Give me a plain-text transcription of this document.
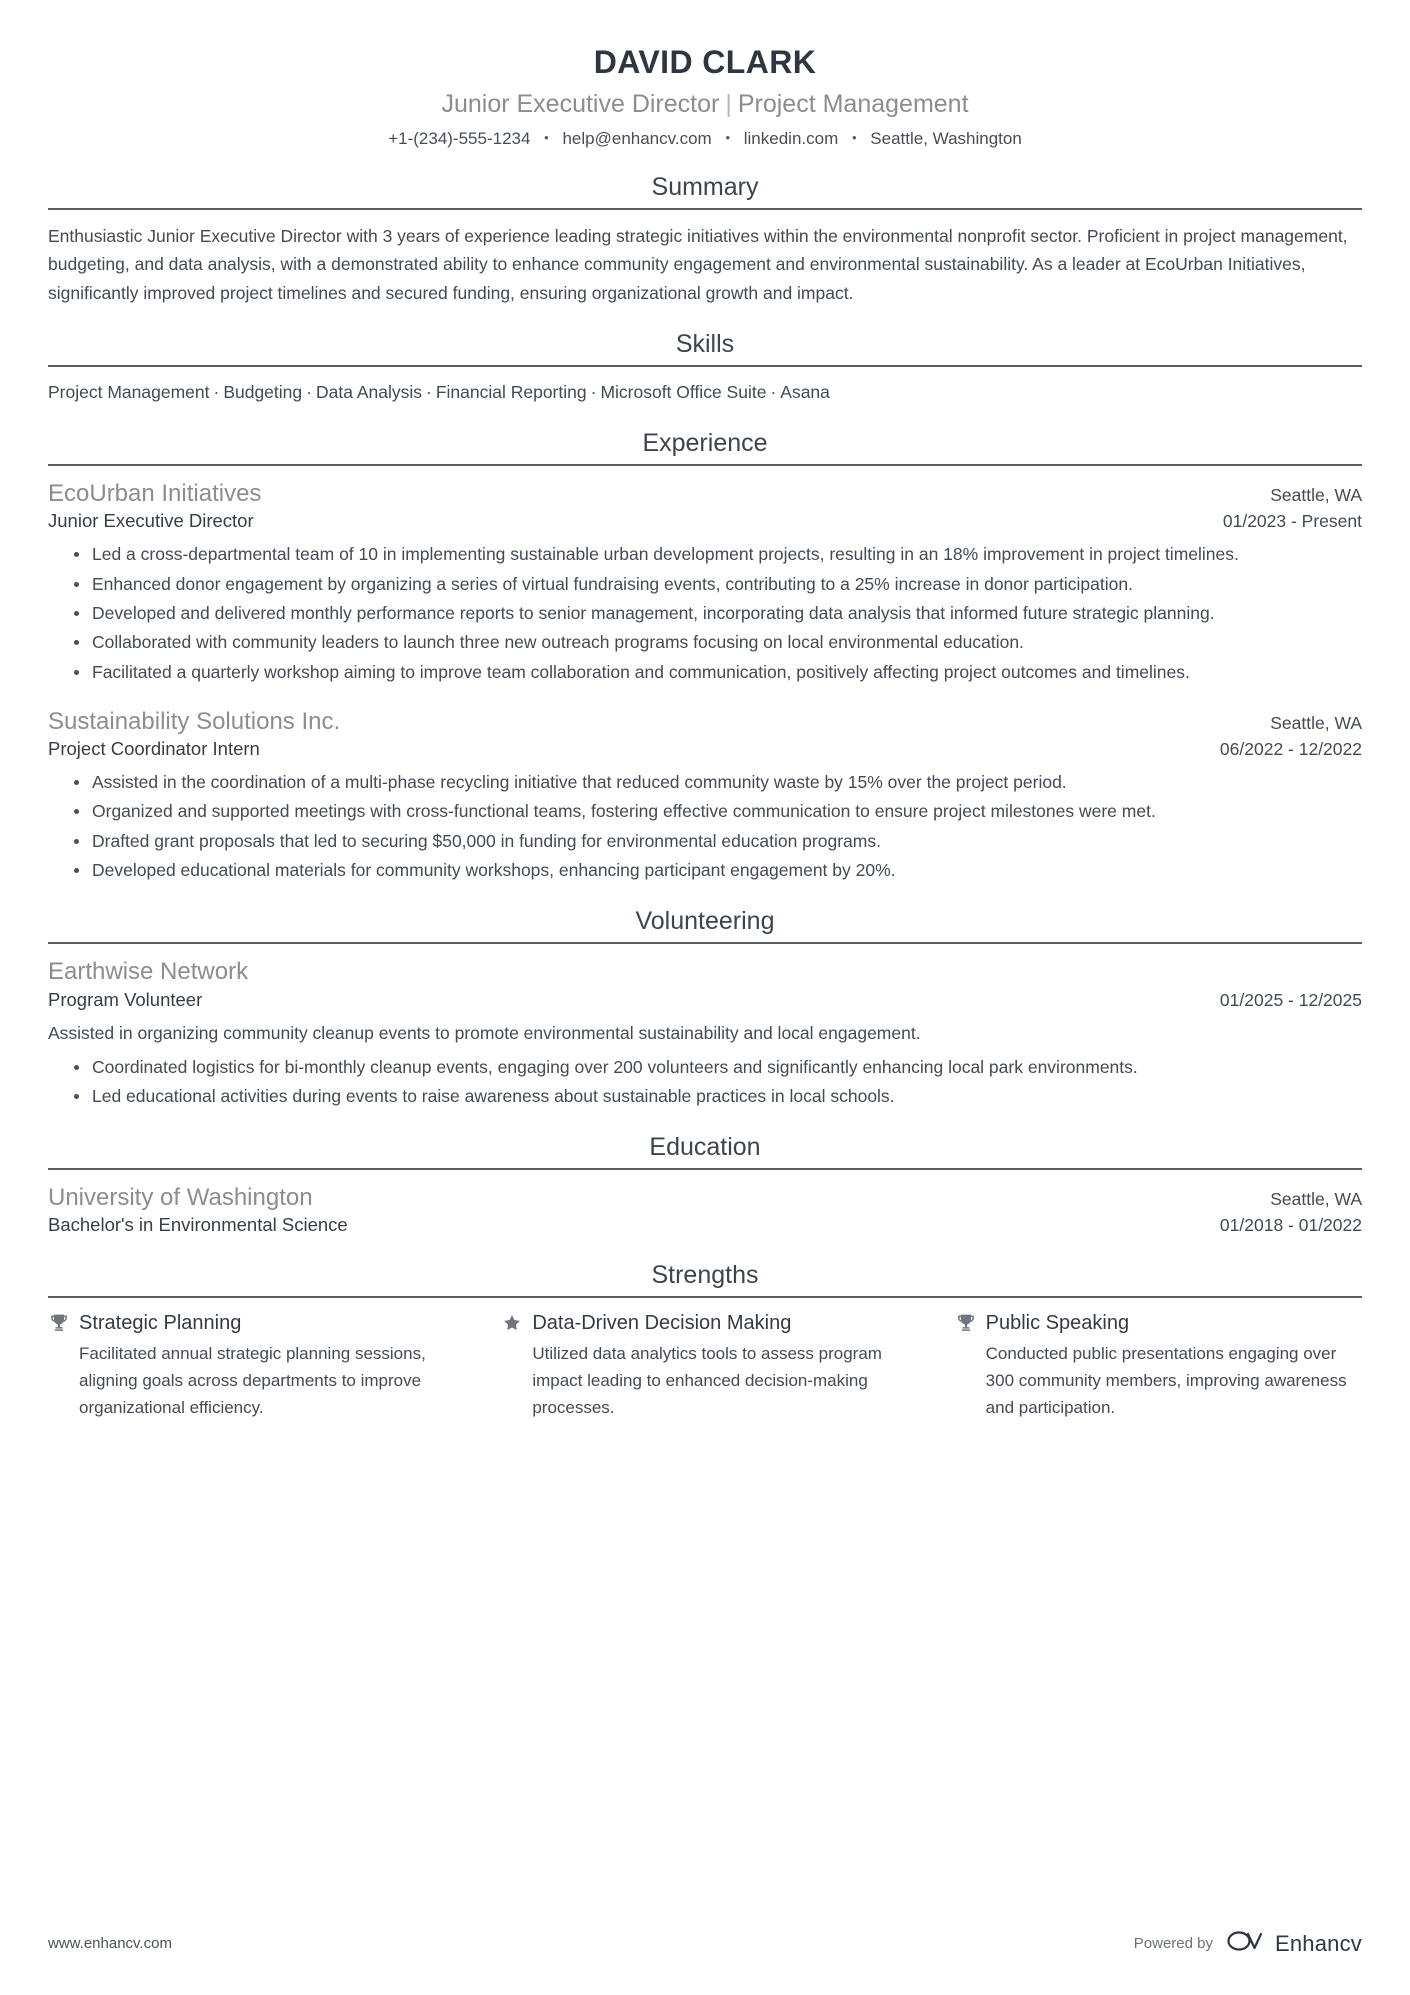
DAVID CLARK
Junior Executive Director | Project Management
+1-(234)-555-1234 • help@enhancv.com • linkedin.com • Seattle, Washington
Summary

Enthusiastic Junior Executive Director with 3 years of experience leading strategic initiatives within the environmental nonprofit sector. Proficient in project management, budgeting, and data analysis, with a demonstrated ability to enhance community engagement and environmental sustainability. As a leader at EcoUrban Initiatives, significantly improved project timelines and secured funding, ensuring organizational growth and impact.

Skills
Project Management · Budgeting · Data Analysis · Financial Reporting · Microsoft Office Suite · Asana
Experience
EcoUrban Initiatives	Seattle, WA
Junior Executive Director	01/2023 - Present
Led a cross-departmental team of 10 in implementing sustainable urban development projects, resulting in an 18% improvement in project timelines.
Enhanced donor engagement by organizing a series of virtual fundraising events, contributing to a 25% increase in donor participation.
Developed and delivered monthly performance reports to senior management, incorporating data analysis that informed future strategic planning.
Collaborated with community leaders to launch three new outreach programs focusing on local environmental education.
Facilitated a quarterly workshop aiming to improve team collaboration and communication, positively affecting project outcomes and timelines.
Sustainability Solutions Inc.	Seattle, WA
Project Coordinator Intern	06/2022 - 12/2022
Assisted in the coordination of a multi-phase recycling initiative that reduced community waste by 15% over the project period.
Organized and supported meetings with cross-functional teams, fostering effective communication to ensure project milestones were met.
Drafted grant proposals that led to securing $50,000 in funding for environmental education programs.
Developed educational materials for community workshops, enhancing participant engagement by 20%.
Volunteering
Earthwise Network
Program Volunteer	01/2025 - 12/2025
Assisted in organizing community cleanup events to promote environmental sustainability and local engagement.
Coordinated logistics for bi-monthly cleanup events, engaging over 200 volunteers and significantly enhancing local park environments.
Led educational activities during events to raise awareness about sustainable practices in local schools.
Education
University of Washington	Seattle, WA
Bachelor's in Environmental Science	01/2018 - 01/2022
Strengths
Strategic Planning
Facilitated annual strategic planning sessions, aligning goals across departments to improve organizational efficiency.
Data-Driven Decision Making
Utilized data analytics tools to assess program impact leading to enhanced decision-making processes.
Public Speaking
Conducted public presentations engaging over 300 community members, improving awareness and participation.
www.enhancv.com	Powered by	Enhancv
